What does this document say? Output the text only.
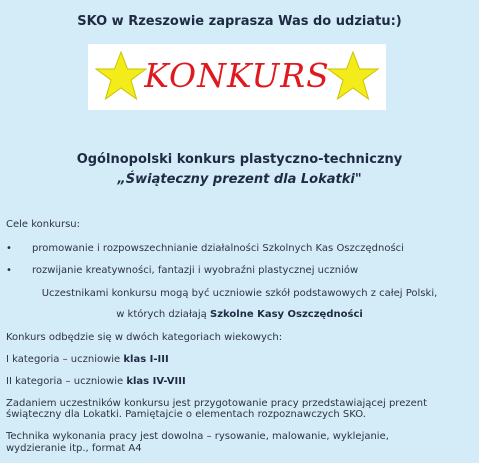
SKO w Rzeszowie zaprasza Was do udziatu:)
KONKURS
Ogólnopolski konkurs plastyczno-techniczny
„Świąteczny prezent dla Lokatki"
Cele konkursu:
• promowanie i rozpowszechnianie działalności Szkolnych Kas Oszczędności
• rozwijanie kreatywności, fantazji i wyobraźni plastycznej uczniów
Uczestnikami konkursu mogą być uczniowie szkół podstawowych z całej Polski,
w których działają Szkolne Kasy Oszczędności
Konkurs odbędzie się w dwóch kategoriach wiekowych:
I kategoria – uczniowie klas I-III
II kategoria – uczniowie klas IV-VIII
Zadaniem uczestników konkursu jest przygotowanie pracy przedstawiającej prezent
świąteczny dla Lokatki. Pamiętajcie o elementach rozpoznawczych SKO.
Technika wykonania pracy jest dowolna – rysowanie, malowanie, wyklejanie,
wydzieranie itp., format A4
